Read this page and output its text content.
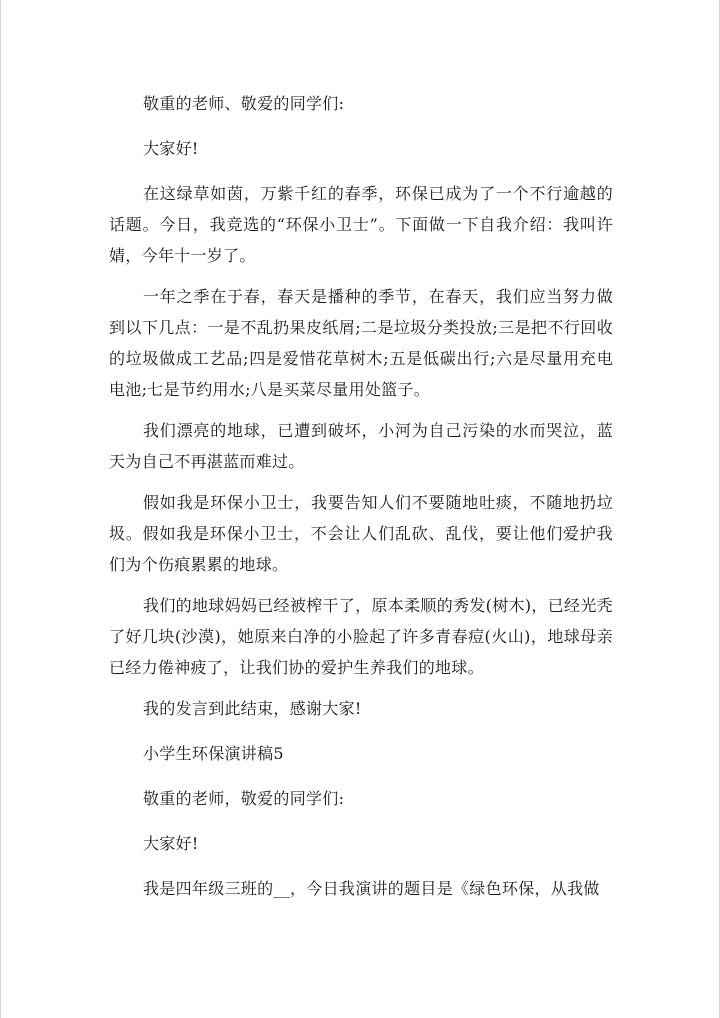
敬重的老师、敬爱的同学们:

大家好!

在这绿草如茵，万紫千红的春季，环保已成为了一个不行逾越的话题。今日，我竞选的“环保小卫士”。下面做一下自我介绍：我叫许婧，今年十一岁了。

一年之季在于春，春天是播种的季节，在春天，我们应当努力做到以下几点：一是不乱扔果皮纸屑;二是垃圾分类投放;三是把不行回收的垃圾做成工艺品;四是爱惜花草树木;五是低碳出行;六是尽量用充电电池;七是节约用水;八是买菜尽量用处篮子。

我们漂亮的地球，已遭到破坏，小河为自己污染的水而哭泣，蓝天为自己不再湛蓝而难过。

假如我是环保小卫士，我要告知人们不要随地吐痰，不随地扔垃圾。假如我是环保小卫士，不会让人们乱砍、乱伐，要让他们爱护我们为个伤痕累累的地球。

我们的地球妈妈已经被榨干了，原本柔顺的秀发(树木)，已经光秃了好几块(沙漠)，她原来白净的小脸起了许多青春痘(火山)，地球母亲已经力倦神疲了，让我们协的爱护生养我们的地球。

我的发言到此结束，感谢大家!

小学生环保演讲稿5

敬重的老师，敬爱的同学们:

大家好!

我是四年级三班的__，今日我演讲的题目是《绿色环保，从我做
